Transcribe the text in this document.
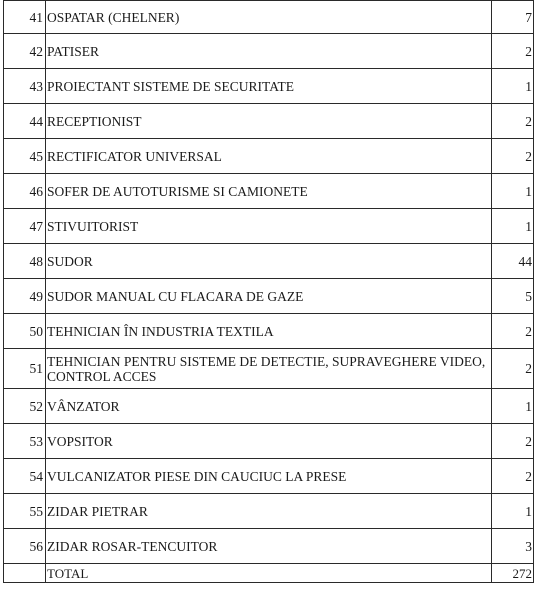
41	OSPATAR (CHELNER)	7
42	PATISER	2
43	PROIECTANT SISTEME DE SECURITATE	1
44	RECEPTIONIST	2
45	RECTIFICATOR UNIVERSAL	2
46	SOFER DE AUTOTURISME SI CAMIONETE	1
47	STIVUITORIST	1
48	SUDOR	44
49	SUDOR MANUAL CU FLACARA DE GAZE	5
50	TEHNICIAN ÎN INDUSTRIA TEXTILA	2
51	TEHNICIAN PENTRU SISTEME DE DETECTIE, SUPRAVEGHERE VIDEO, CONTROL ACCES	2
52	VÂNZATOR	1
53	VOPSITOR	2
54	VULCANIZATOR PIESE DIN CAUCIUC LA PRESE	2
55	ZIDAR PIETRAR	1
56	ZIDAR ROSAR-TENCUITOR	3
	TOTAL	272
